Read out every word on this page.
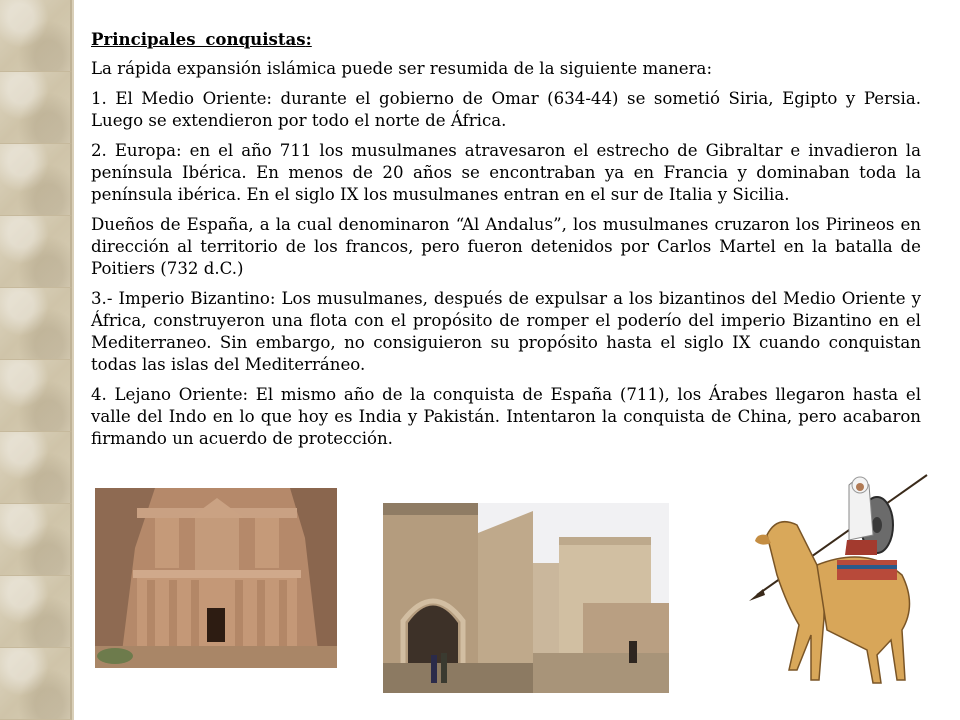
Principales conquistas:

La rápida expansión islámica puede ser resumida de la siguiente manera:

1. El Medio Oriente: durante el gobierno de Omar (634-44) se sometió Siria, Egipto y Persia. Luego se extendieron por todo el norte de África.

2. Europa: en el año 711 los musulmanes atravesaron el estrecho de Gibraltar e invadieron la península Ibérica. En menos de 20 años se encontraban ya en Francia y dominaban toda la península ibérica. En el siglo IX los musulmanes entran en el sur de Italia y Sicilia.

Dueños de España, a la cual denominaron “Al Andalus”, los musulmanes cruzaron los Pirineos en dirección al territorio de los francos, pero fueron detenidos por Carlos Martel en la batalla de Poitiers (732 d.C.)

3.- Imperio Bizantino: Los musulmanes, después de expulsar a los bizantinos del Medio Oriente y África, construyeron una flota con el propósito de romper el poderío del imperio Bizantino en el Mediterraneo. Sin embargo, no consiguieron su propósito hasta el siglo IX cuando conquistan todas las islas del Mediterráneo.

4. Lejano Oriente: El mismo año de la conquista de España (711), los Árabes llegaron hasta el valle del Indo en lo que hoy es India y Pakistán. Intentaron la conquista de China, pero acabaron firmando un acuerdo de protección.
